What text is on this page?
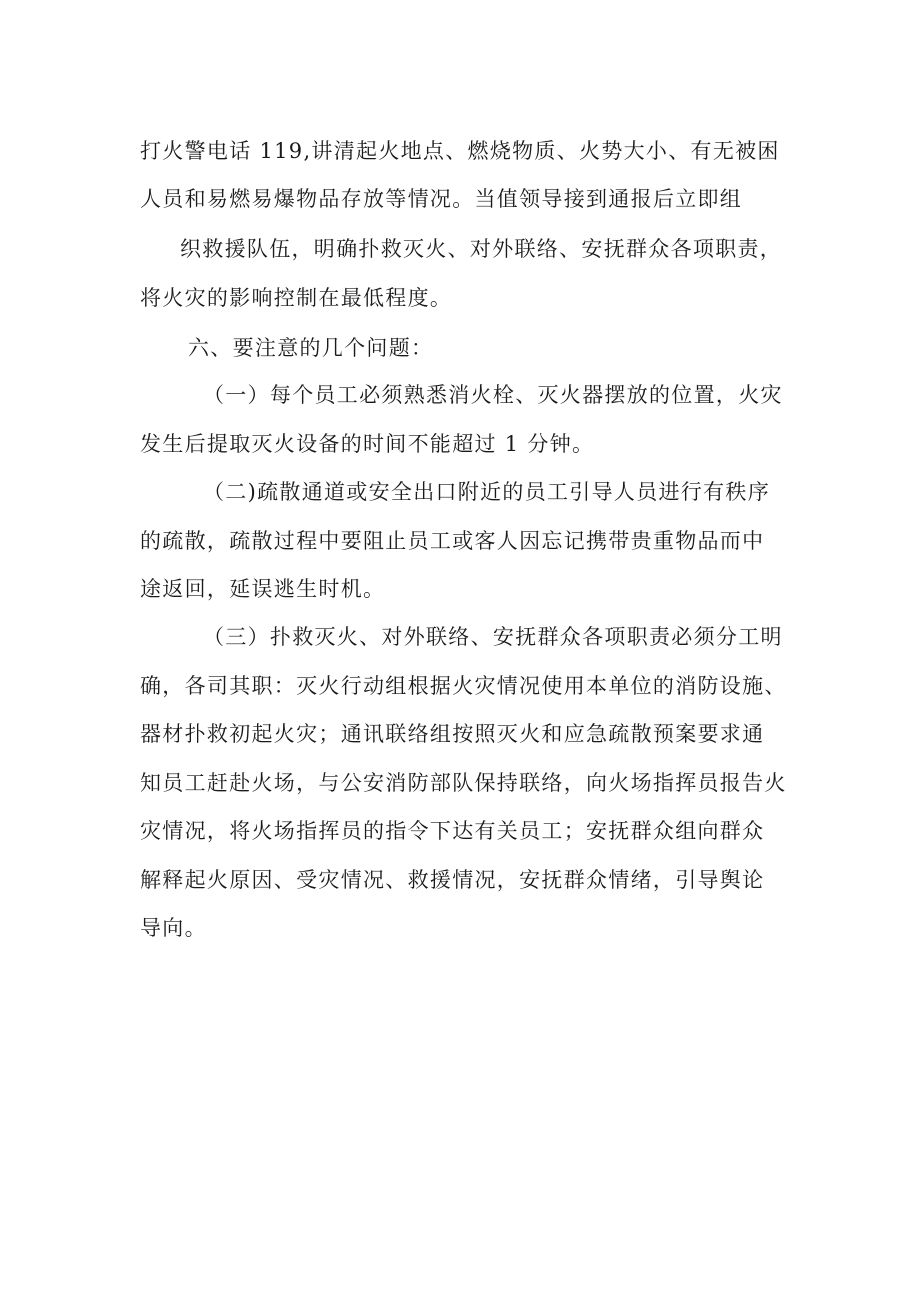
打火警电话 119,讲清起火地点、燃烧物质、火势大小、有无被困
人员和易燃易爆物品存放等情况。当值领导接到通报后立即组
织救援队伍，明确扑救灭火、对外联络、安抚群众各项职责，
将火灾的影响控制在最低程度。
六、要注意的几个问题：
（一）每个员工必须熟悉消火栓、灭火器摆放的位置，火灾
发生后提取灭火设备的时间不能超过 1 分钟。
（二)疏散通道或安全出口附近的员工引导人员进行有秩序
的疏散，疏散过程中要阻止员工或客人因忘记携带贵重物品而中
途返回，延误逃生时机。
（三）扑救灭火、对外联络、安抚群众各项职责必须分工明
确，各司其职：灭火行动组根据火灾情况使用本单位的消防设施、
器材扑救初起火灾；通讯联络组按照灭火和应急疏散预案要求通
知员工赶赴火场，与公安消防部队保持联络，向火场指挥员报告火
灾情况，将火场指挥员的指令下达有关员工；安抚群众组向群众
解释起火原因、受灾情况、救援情况，安抚群众情绪，引导舆论
导向。
